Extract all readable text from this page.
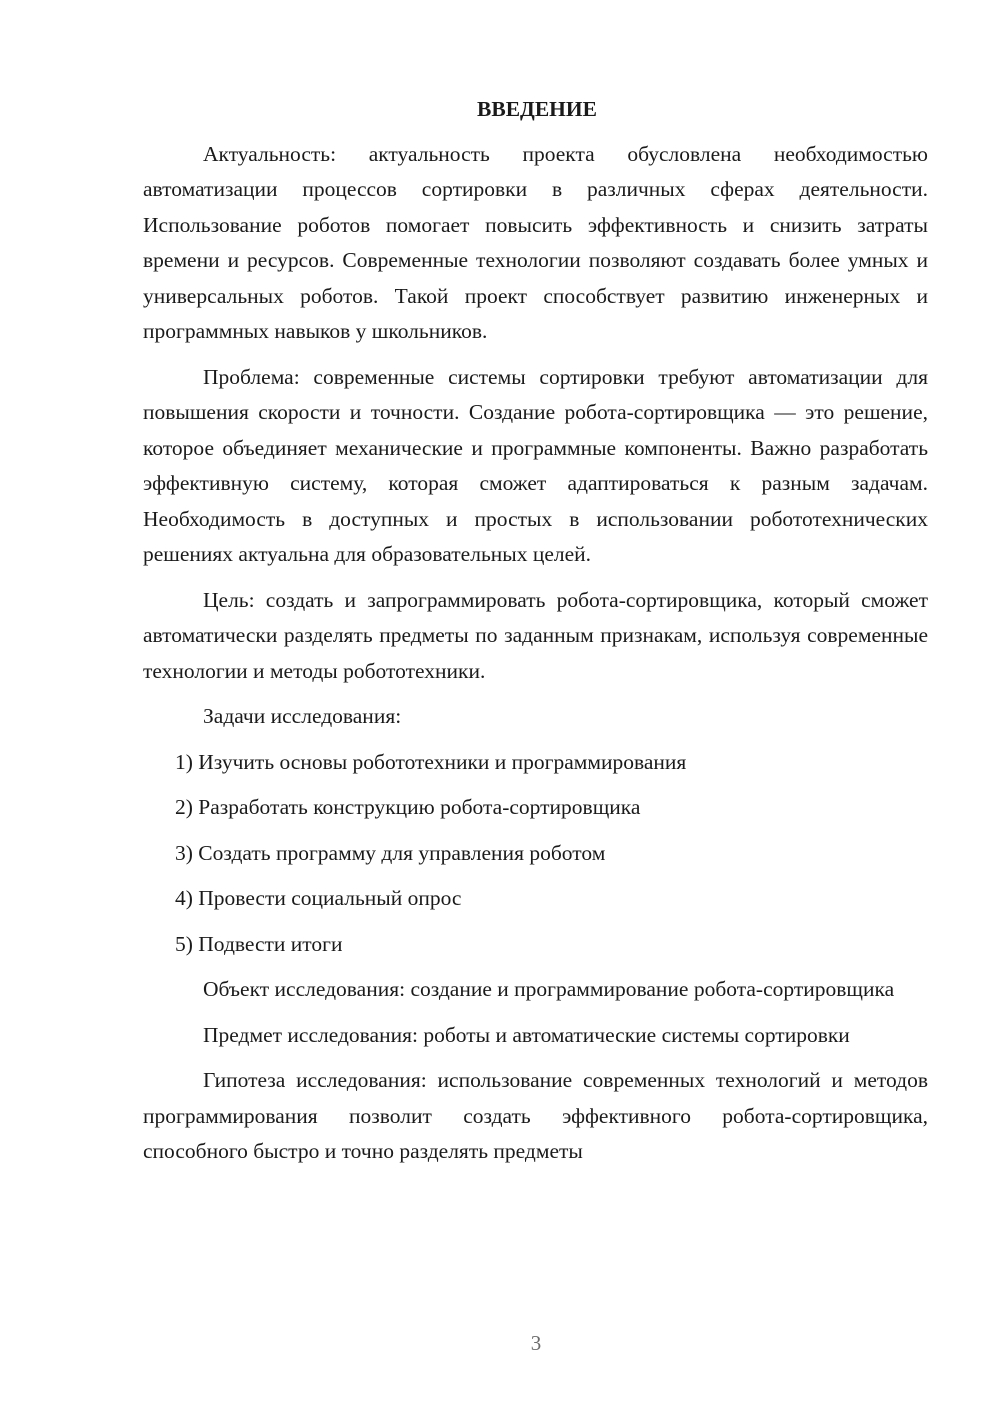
ВВЕДЕНИЕ

Актуальность: актуальность проекта обусловлена необходимостью автоматизации процессов сортировки в различных сферах деятельности. Использование роботов помогает повысить эффективность и снизить затраты времени и ресурсов. Современные технологии позволяют создавать более умных и универсальных роботов. Такой проект способствует развитию инженерных и программных навыков у школьников.

Проблема: современные системы сортировки требуют автоматизации для повышения скорости и точности. Создание робота-сортировщика — это решение, которое объединяет механические и программные компоненты. Важно разработать эффективную систему, которая сможет адаптироваться к разным задачам. Необходимость в доступных и простых в использовании робототехнических решениях актуальна для образовательных целей.

Цель: создать и запрограммировать робота-сортировщика, который сможет автоматически разделять предметы по заданным признакам, используя современные технологии и методы робототехники.

Задачи исследования:

1) Изучить основы робототехники и программирования
2) Разработать конструкцию робота-сортировщика
3) Создать программу для управления роботом
4) Провести социальный опрос
5) Подвести итоги

Объект исследования: создание и программирование робота-сортировщика

Предмет исследования: роботы и автоматические системы сортировки

Гипотеза исследования: использование современных технологий и методов программирования позволит создать эффективного робота-сортировщика, способного быстро и точно разделять предметы

3
